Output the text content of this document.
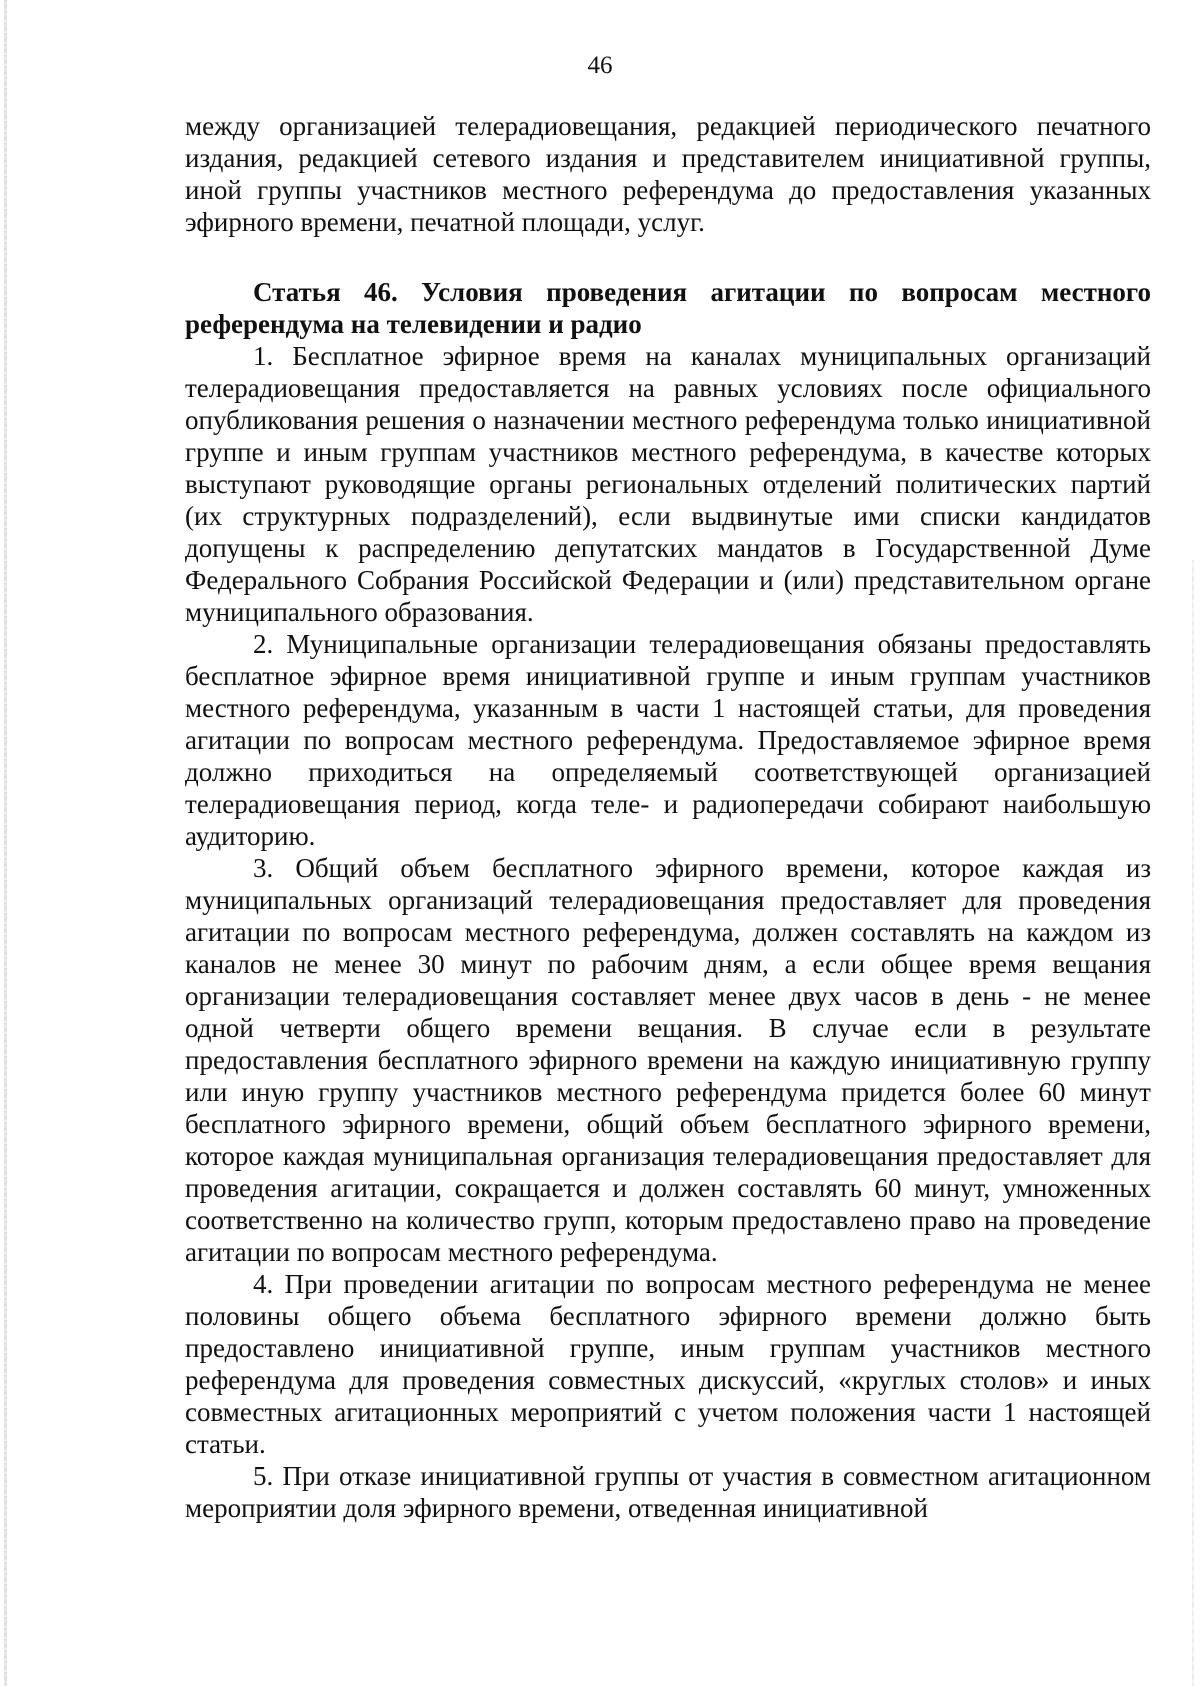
46

между организацией телерадиовещания, редакцией периодического печатного издания, редакцией сетевого издания и представителем инициативной группы, иной группы участников местного референдума до предоставления указанных эфирного времени, печатной площади, услуг.

Статья 46. Условия проведения агитации по вопросам местного референдума на телевидении и радио

1. Бесплатное эфирное время на каналах муниципальных организаций телерадиовещания предоставляется на равных условиях после официального опубликования решения о назначении местного референдума только инициативной группе и иным группам участников местного референдума, в качестве которых выступают руководящие органы региональных отделений политических партий (их структурных подразделений), если выдвинутые ими списки кандидатов допущены к распределению депутатских мандатов в Государственной Думе Федерального Собрания Российской Федерации и (или) представительном органе муниципального образования.

2. Муниципальные организации телерадиовещания обязаны предоставлять бесплатное эфирное время инициативной группе и иным группам участников местного референдума, указанным в части 1 настоящей статьи, для проведения агитации по вопросам местного референдума. Предоставляемое эфирное время должно приходиться на определяемый соответствующей организацией телерадиовещания период, когда теле- и радиопередачи собирают наибольшую аудиторию.

3. Общий объем бесплатного эфирного времени, которое каждая из муниципальных организаций телерадиовещания предоставляет для проведения агитации по вопросам местного референдума, должен составлять на каждом из каналов не менее 30 минут по рабочим дням, а если общее время вещания организации телерадиовещания составляет менее двух часов в день - не менее одной четверти общего времени вещания. В случае если в результате предоставления бесплатного эфирного времени на каждую инициативную группу или иную группу участников местного референдума придется более 60 минут бесплатного эфирного времени, общий объем бесплатного эфирного времени, которое каждая муниципальная организация телерадиовещания предоставляет для проведения агитации, сокращается и должен составлять 60 минут, умноженных соответственно на количество групп, которым предоставлено право на проведение агитации по вопросам местного референдума.

4. При проведении агитации по вопросам местного референдума не менее половины общего объема бесплатного эфирного времени должно быть предоставлено инициативной группе, иным группам участников местного референдума для проведения совместных дискуссий, «круглых столов» и иных совместных агитационных мероприятий с учетом положения части 1 настоящей статьи.

5. При отказе инициативной группы от участия в совместном агитационном мероприятии доля эфирного времени, отведенная инициативной
